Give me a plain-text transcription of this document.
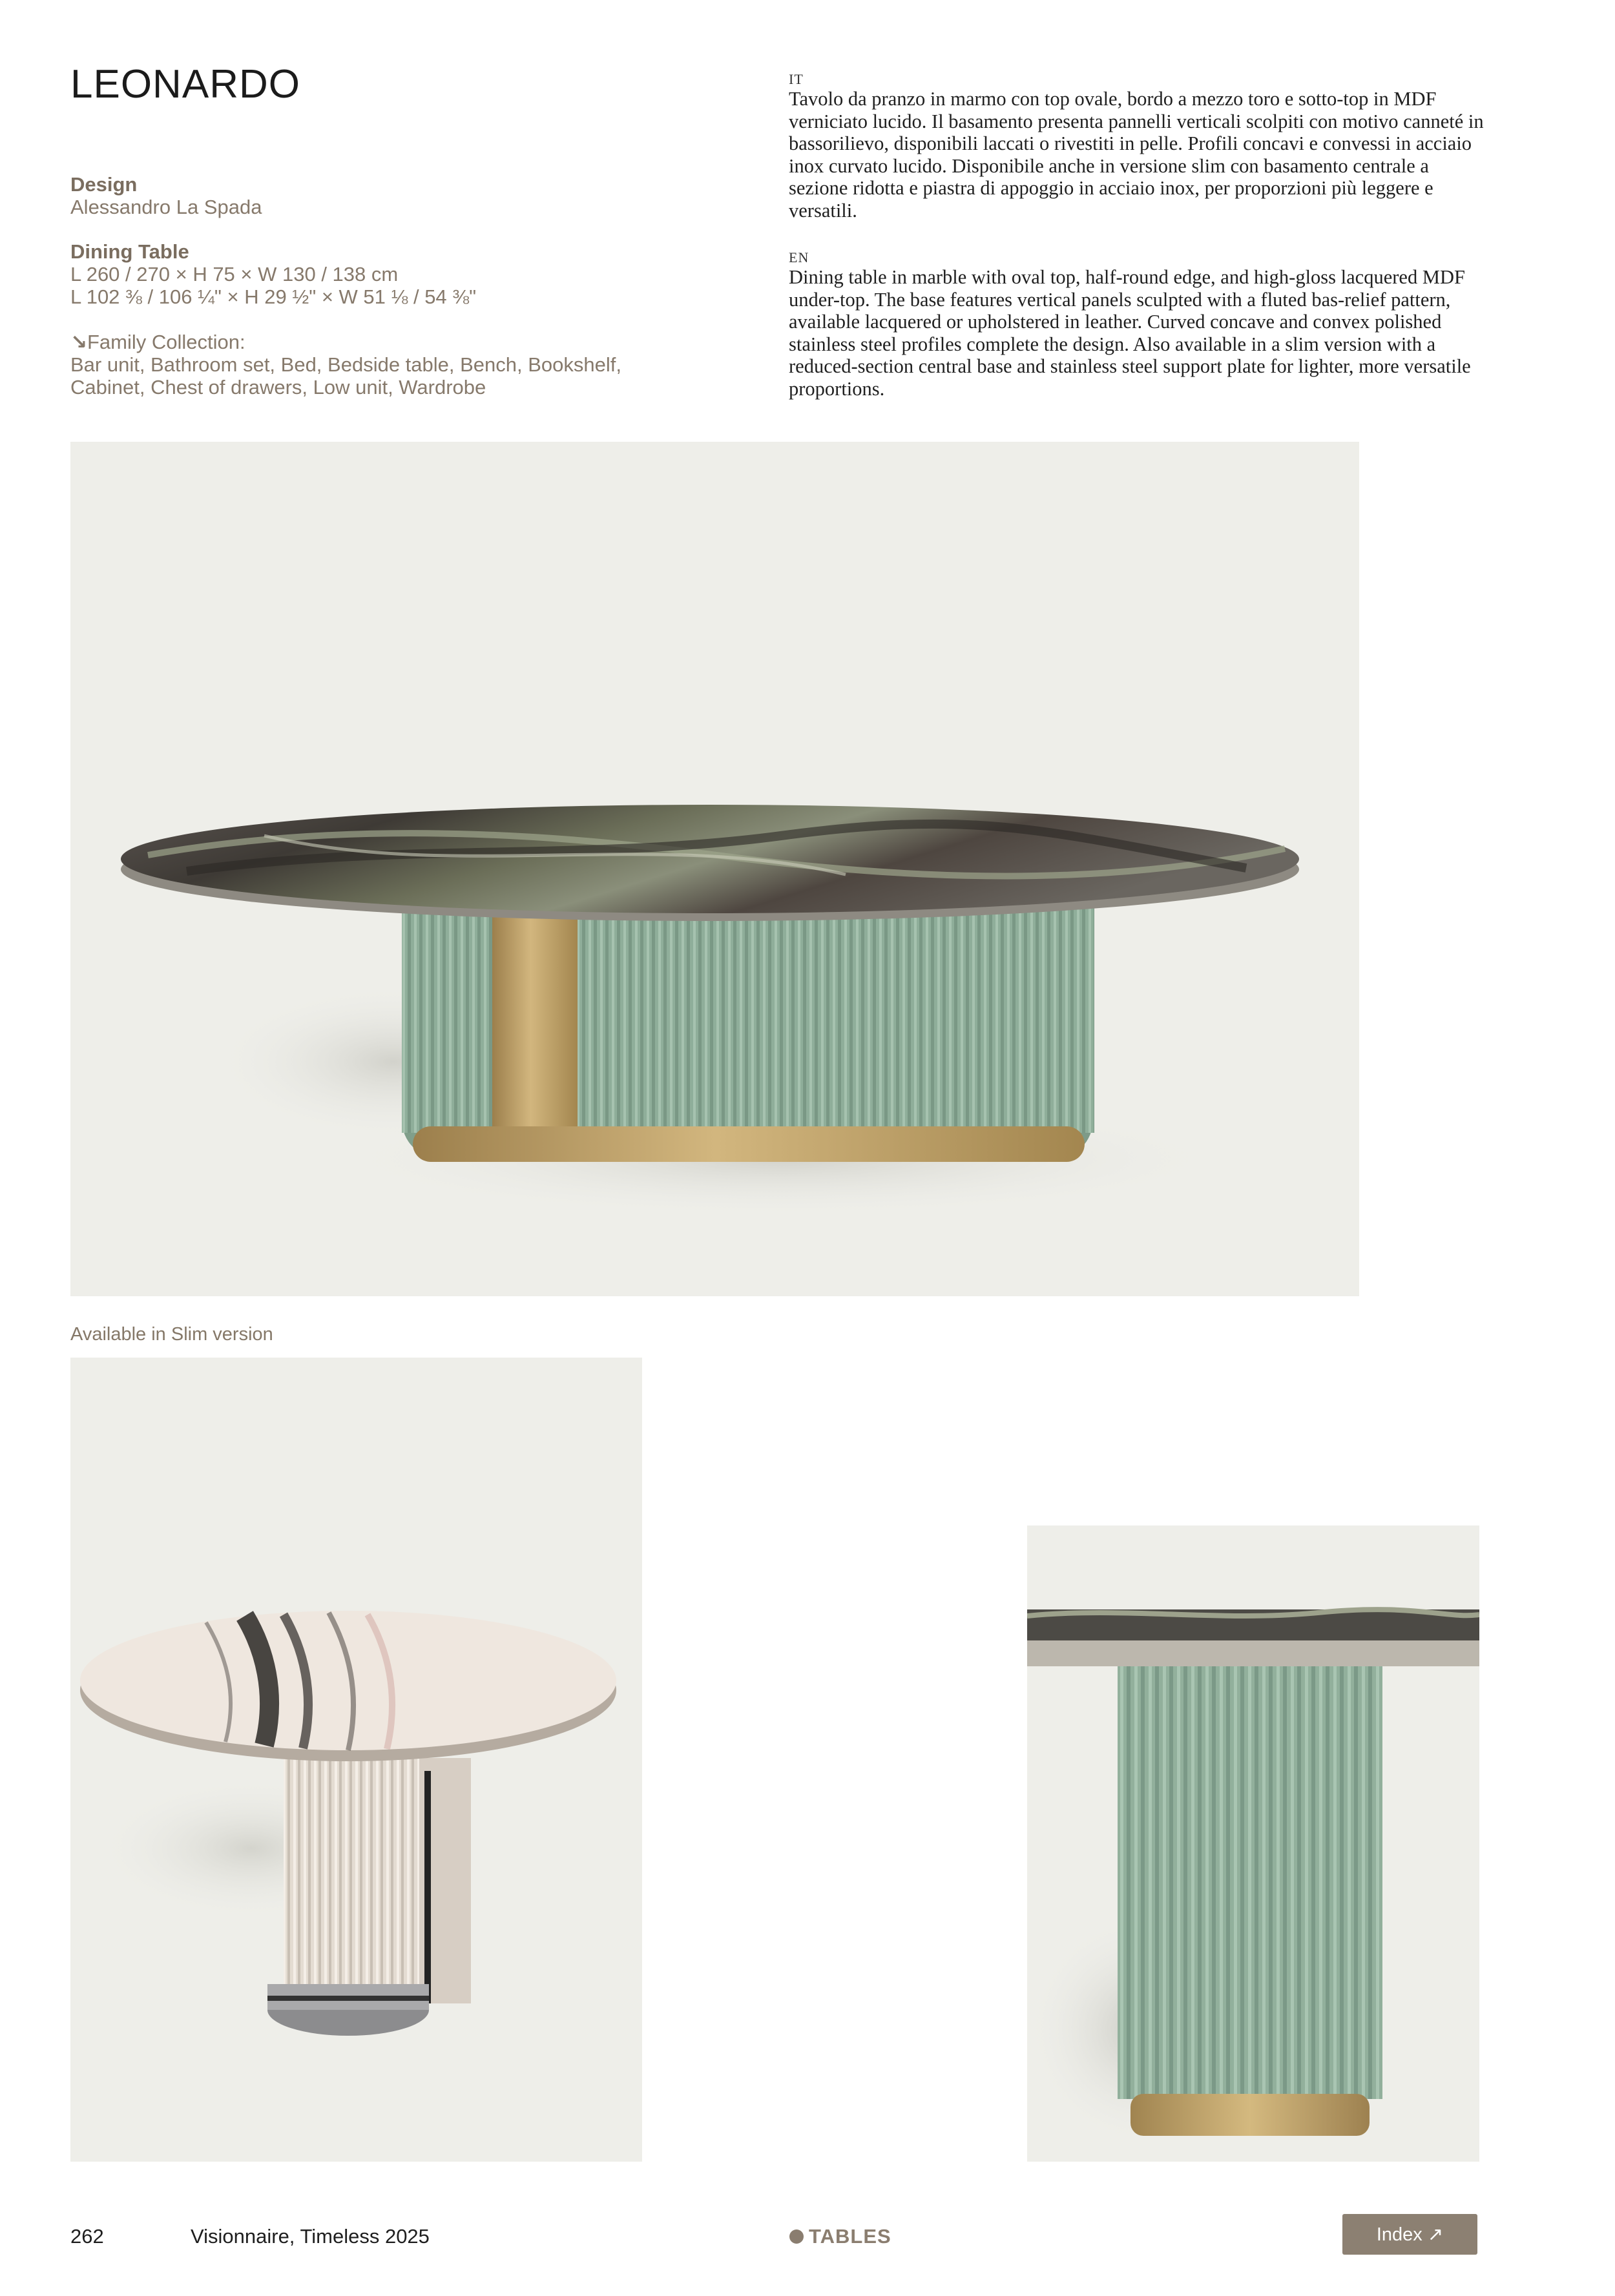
LEONARDO
Design
Alessandro La Spada
Dining Table
L 260 / 270 × H 75 × W 130 / 138 cm
L 102 ⅜ / 106 ¼" × H 29 ½" × W 51 ⅛ / 54 ⅜"
↘Family Collection:
Bar unit, Bathroom set, Bed, Bedside table, Bench, Bookshelf,
Cabinet, Chest of drawers, Low unit, Wardrobe
IT
Tavolo da pranzo in marmo con top ovale, bordo a mezzo toro e sotto-top in MDF verniciato lucido. Il basamento presenta pannelli verticali scolpiti con motivo canneté in bassorilievo, disponibili laccati o rivestiti in pelle. Profili concavi e convessi in acciaio inox curvato lucido. Disponibile anche in versione slim con basamento centrale a sezione ridotta e piastra di appoggio in acciaio inox, per proporzioni più leggere e versatili.
EN
Dining table in marble with oval top, half-round edge, and high-gloss lacquered MDF under-top. The base features vertical panels sculpted with a fluted bas-relief pattern, available lacquered or upholstered in leather. Curved concave and convex polished stainless steel profiles complete the design. Also available in a slim version with a reduced-section central base and stainless steel support plate for lighter, more versatile proportions.
Available in Slim version
262	Visionnaire, Timeless 2025	TABLES	Index ↗
